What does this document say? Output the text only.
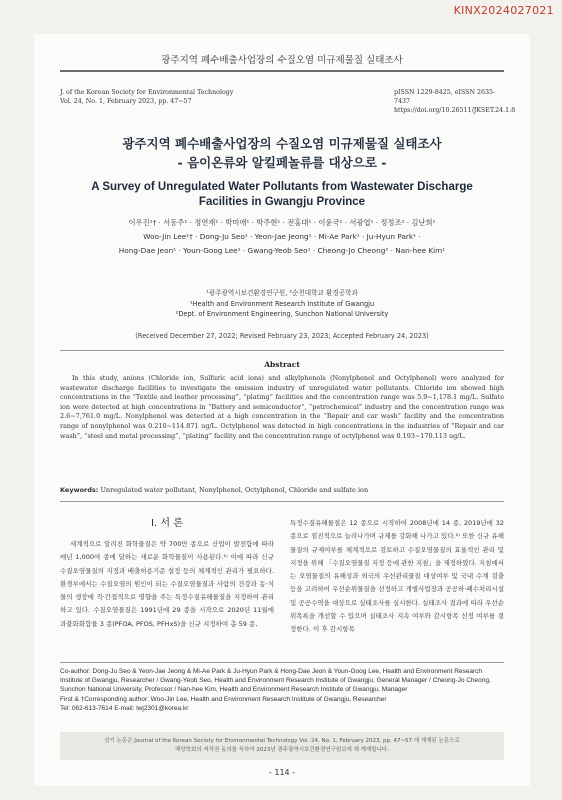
KINX2024027021
광주지역 폐수배출사업장의 수질오염 미규제물질 실태조사
J. of the Korean Society for Environmental Technology
Vol. 24, No. 1, February 2023, pp. 47~57
pISSN 1229-8425, eISSN 2635-7437
https://doi.org/10.26511/JKSET.24.1.8
광주지역 폐수배출사업장의 수질오염 미규제물질 실태조사
- 음이온류와 알킬페놀류를 대상으로 -
A Survey of Unregulated Water Pollutants from Wastewater Discharge
Facilities in Gwangju Province
이우진¹† · 서동주¹ · 정연재¹ · 박미애¹ · 박주현¹ · 전홍대¹ · 이윤국¹ · 서광엽¹ · 정정조² · 김난희¹
Woo-Jin Lee¹† · Dong-Ju Seo¹ · Yeon-Jae Jeong¹ · Mi-Ae Park¹ · Ju-Hyun Park¹ ·
Hong-Dae Jeon¹ · Youn-Goog Lee¹ · Gwang-Yeob Seo¹ · Cheong-Jo Cheong² · Nan-hee Kim¹
¹광주광역시보건환경연구원, ²순천대학교 환경공학과
¹Health and Environment Research Institute of Gwangju
²Dept. of Environment Engineering, Sunchon National University
(Received December 27, 2022; Revised February 23, 2023; Accepted February 24, 2023)
Abstract
In this study, anions (Chloride ion, Sulfuric acid ions) and alkylphenols (Nonylphenol and Octylphenol) were analyzed for wastewater discharge facilities to investigate the emission industry of unregulated water pollutants. Chloride ion showed high concentrations in the “Textile and leather processing”, “plating” facilities and the concentration range was 5.9~1,178.1 mg/L. Sulfate ion were detected at high concentrations in “Battery and semiconductor”, “petrochemical” industry and the concentration range was 2.6~7,761.0 mg/L. Nonylphenol was detected at a high concentration in the “Repair and car wash” facility and the concentration range of nonylphenol was 0.210~114.871 ug/L. Octylphenol was detected in high concentrations in the industries of “Repair and car wash”, “steel and metal processing”, “plating” facility and the concentration range of octylphenol was 0.193~170.113 ug/L.
Keywords: Unregulated water pollutant, Nonylphenol, Octylphenol, Chloride and sulfate ion
Ⅰ. 서 론
세계적으로 알려진 화학물질은 약 700만 종으로 산업이 발전함에 따라 매년 1,000여 종에 달하는 새로운 화학물질이 사용된다.¹⁾ 이에 따라 신규 수질오염물질의 지정과 배출허용기준 설정 등의 체계적인 관리가 필요하다. 환경부에서는 수질오염의 원인이 되는 수질오염물질과 사람의 건강과 동·식물의 생장에 직·간접적으로 영향을 주는 특정수질유해물질을 지정하여 관리하고 있다. 수질오염물질은 1991년에 29 종을 시작으로 2020년 11월에 과불화화합물 3 종(PFOA, PFOS, PFHxS)을 신규 지정하여 총 59 종,
특정수질유해물질은 12 종으로 시작하여 2008년에 14 종, 2019년에 32 종으로 점진적으로 늘려나가며 규제를 강화해 나가고 있다.²⁾ 또한 신규 유해물질의 규제여부를 체계적으로 검토하고 수질오염물질의 효율적인 관리 및 지정을 위해 「수질오염물질 지정 등에 관한 지침」을 제정하였다. 지침에서는 오염물질의 유해성과 외국의 우선관리물질 대상여부 및 국내 수계 검출 등을 고려하여 우선순위물질을 선정하고 개별사업장과 공공하·폐수처리시설 및 공공수역을 대상으로 실태조사를 실시한다. 실태조사 결과에 따라 우선순위목록을 개선할 수 있으며 실태조사 지속 여부와 감시항목 선정 여부를 결정한다. 이 후 감시항목
Co-author: Dong-Ju Seo & Yeon-Jae Jeong & Mi-Ae Park & Ju-Hyun Park & Hong-Dae Jeon & Youn-Goog Lee, Health and Environment Research Institute of Gwangju, Researcher / Gwang-Yeob Seo, Health and Environment Research Institute of Gwangju, General Manager / Cheong-Jo Cheong, Sunchon National University, Professor / Nan-hee Kim, Health and Environment Research Institute of Gwangju, Manager
First & †Corresponding author: Woo-Jin Lee, Health and Environment Research Institute of Gwangju, Researcher
Tel: 062-613-7614 E-mail: lwj2301@korea.kr
상기 논문은 Journal of the Korean Society for Environmental Technology Vol. 24, No. 1, February 2023, pp. 47~57 에 게재된 논문으로
해당학회의 저작권 동의를 득하여 2023년 광주광역시보건환경연구원보에 재 게재합니다.
- 114 -
